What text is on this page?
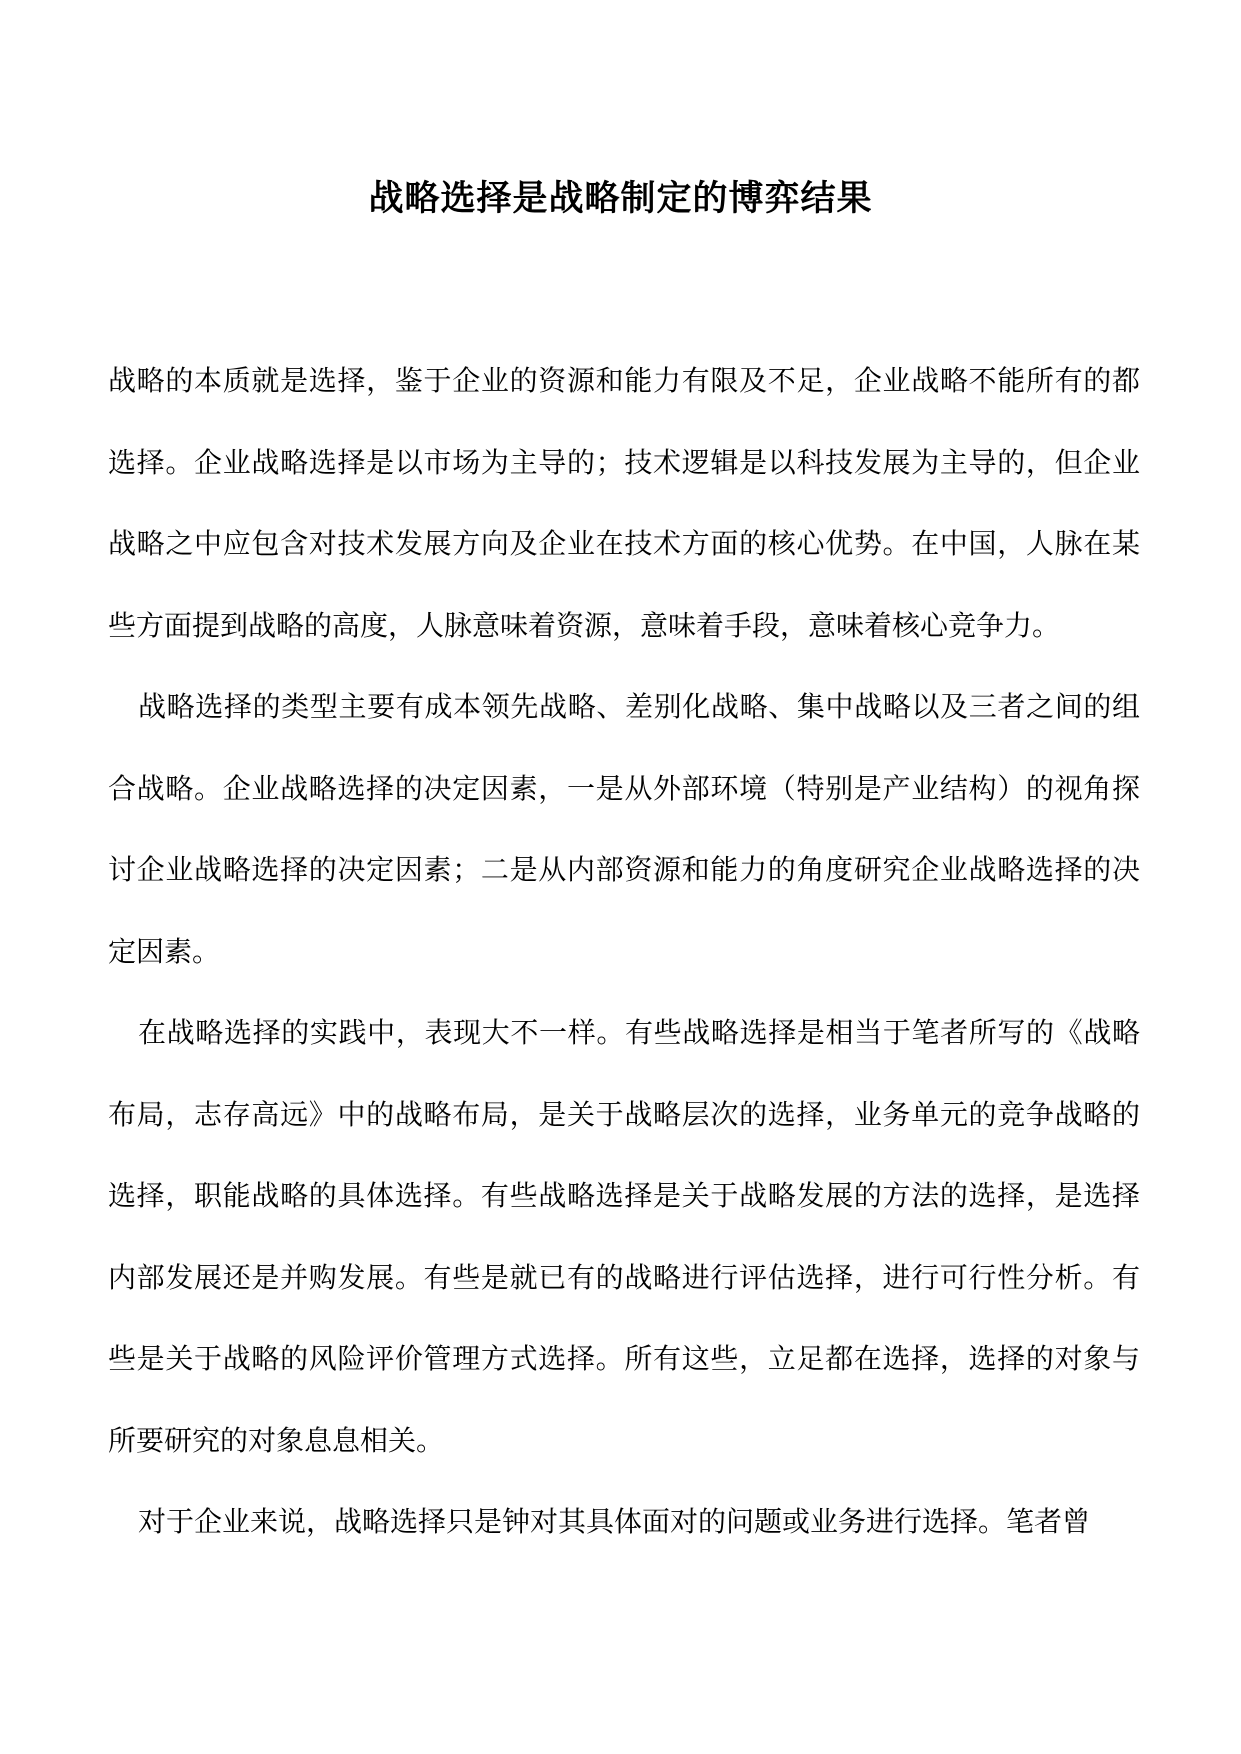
战略选择是战略制定的博弈结果

战略的本质就是选择，鉴于企业的资源和能力有限及不足，企业战略不能所有的都选择。企业战略选择是以市场为主导的；技术逻辑是以科技发展为主导的，但企业战略之中应包含对技术发展方向及企业在技术方面的核心优势。在中国，人脉在某些方面提到战略的高度，人脉意味着资源，意味着手段，意味着核心竞争力。

战略选择的类型主要有成本领先战略、差别化战略、集中战略以及三者之间的组合战略。企业战略选择的决定因素，一是从外部环境（特别是产业结构）的视角探讨企业战略选择的决定因素；二是从内部资源和能力的角度研究企业战略选择的决定因素。

在战略选择的实践中，表现大不一样。有些战略选择是相当于笔者所写的《战略布局，志存高远》中的战略布局，是关于战略层次的选择，业务单元的竞争战略的选择，职能战略的具体选择。有些战略选择是关于战略发展的方法的选择，是选择内部发展还是并购发展。有些是就已有的战略进行评估选择，进行可行性分析。有些是关于战略的风险评价管理方式选择。所有这些，立足都在选择，选择的对象与所要研究的对象息息相关。

对于企业来说，战略选择只是钟对其具体面对的问题或业务进行选择。笔者曾
